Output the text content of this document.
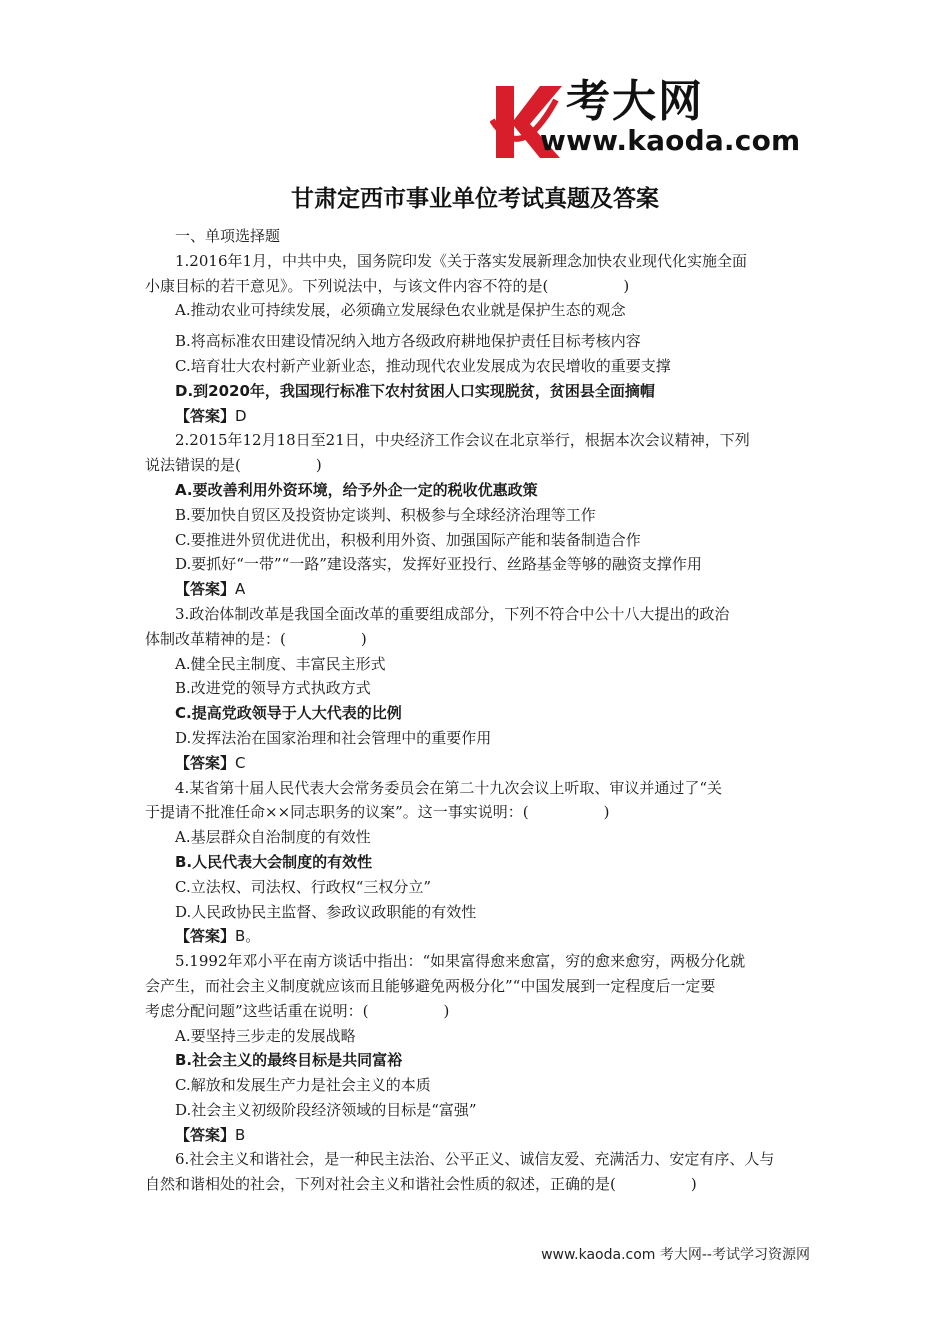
考大网
www.kaoda.com
甘肃定西市事业单位考试真题及答案
一、单项选择题
1.2016年1月，中共中央，国务院印发《关于落实发展新理念加快农业现代化实施全面
小康目标的若干意见》。下列说法中，与该文件内容不符的是(　　　　　)
A.推动农业可持续发展，必须确立发展绿色农业就是保护生态的观念
B.将高标准农田建设情况纳入地方各级政府耕地保护责任目标考核内容
C.培育壮大农村新产业新业态，推动现代农业发展成为农民增收的重要支撑
D.到2020年，我国现行标准下农村贫困人口实现脱贫，贫困县全面摘帽
【答案】D
2.2015年12月18日至21日，中央经济工作会议在北京举行，根据本次会议精神，下列
说法错误的是(　　　　　)
A.要改善利用外资环境，给予外企一定的税收优惠政策
B.要加快自贸区及投资协定谈判、积极参与全球经济治理等工作
C.要推进外贸优进优出，积极利用外资、加强国际产能和装备制造合作
D.要抓好“一带”“一路”建设落实，发挥好亚投行、丝路基金等够的融资支撑作用
【答案】A
3.政治体制改革是我国全面改革的重要组成部分，下列不符合中公十八大提出的政治
体制改革精神的是：(　　　　　)
A.健全民主制度、丰富民主形式
B.改进党的领导方式执政方式
C.提高党政领导于人大代表的比例
D.发挥法治在国家治理和社会管理中的重要作用
【答案】C
4.某省第十届人民代表大会常务委员会在第二十九次会议上听取、审议并通过了“关
于提请不批准任命××同志职务的议案”。这一事实说明：(　　　　　)
A.基层群众自治制度的有效性
B.人民代表大会制度的有效性
C.立法权、司法权、行政权“三权分立”
D.人民政协民主监督、参政议政职能的有效性
【答案】B。
5.1992年邓小平在南方谈话中指出：“如果富得愈来愈富，穷的愈来愈穷，两极分化就
会产生，而社会主义制度就应该而且能够避免两极分化”“中国发展到一定程度后一定要
考虑分配问题”这些话重在说明：(　　　　　)
A.要坚持三步走的发展战略
B.社会主义的最终目标是共同富裕
C.解放和发展生产力是社会主义的本质
D.社会主义初级阶段经济领域的目标是“富强”
【答案】B
6.社会主义和谐社会，是一种民主法治、公平正义、诚信友爱、充满活力、安定有序、人与
自然和谐相处的社会，下列对社会主义和谐社会性质的叙述，正确的是(　　　　　)
www.kaoda.com 考大网--考试学习资源网
